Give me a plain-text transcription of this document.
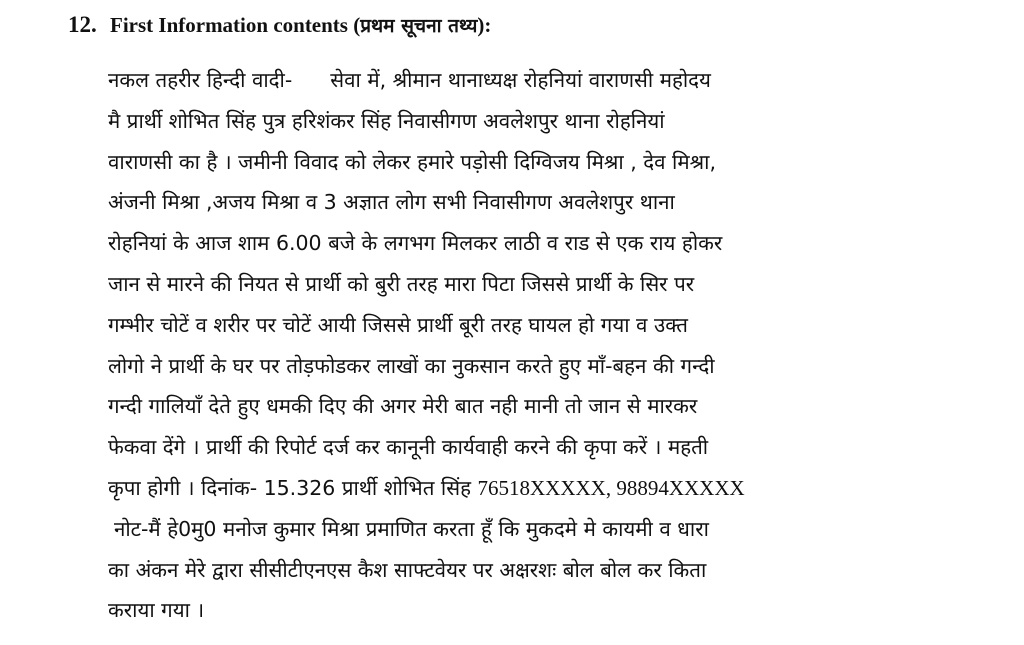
12. First Information contents (प्रथम सूचना तथ्य):
नकल तहरीर हिन्दी वादी- सेवा में, श्रीमान थानाध्यक्ष रोहनियां वाराणसी महोदय
मै प्रार्थी शोभित सिंह पुत्र हरिशंकर सिंह निवासीगण अवलेशपुर थाना रोहनियां
वाराणसी का है । जमीनी विवाद को लेकर हमारे पड़ोसी दिग्विजय मिश्रा , देव मिश्रा,
अंजनी मिश्रा ,अजय मिश्रा व 3 अज्ञात लोग सभी निवासीगण अवलेशपुर थाना
रोहनियां के आज शाम 6.00 बजे के लगभग मिलकर लाठी व राड से एक राय होकर
जान से मारने की नियत से प्रार्थी को बुरी तरह मारा पिटा जिससे प्रार्थी के सिर पर
गम्भीर चोटें व शरीर पर चोटें आयी जिससे प्रार्थी बूरी तरह घायल हो गया व उक्त
लोगो ने प्रार्थी के घर पर तोड़फोडकर लाखों का नुकसान करते हुए माँ-बहन की गन्दी
गन्दी गालियाँ देते हुए धमकी दिए की अगर मेरी बात नही मानी तो जान से मारकर
फेकवा देंगे । प्रार्थी की रिपोर्ट दर्ज कर कानूनी कार्यवाही करने की कृपा करें । महती
कृपा होगी । दिनांक- 15.326 प्रार्थी शोभित सिंह 76518XXXXX, 98894XXXXX
नोट-मैं हे0मु0 मनोज कुमार मिश्रा प्रमाणित करता हूँ कि मुकदमे मे कायमी व धारा
का अंकन मेरे द्वारा सीसीटीएनएस कैश साफ्टवेयर पर अक्षरशः बोल बोल कर किता
कराया गया ।
